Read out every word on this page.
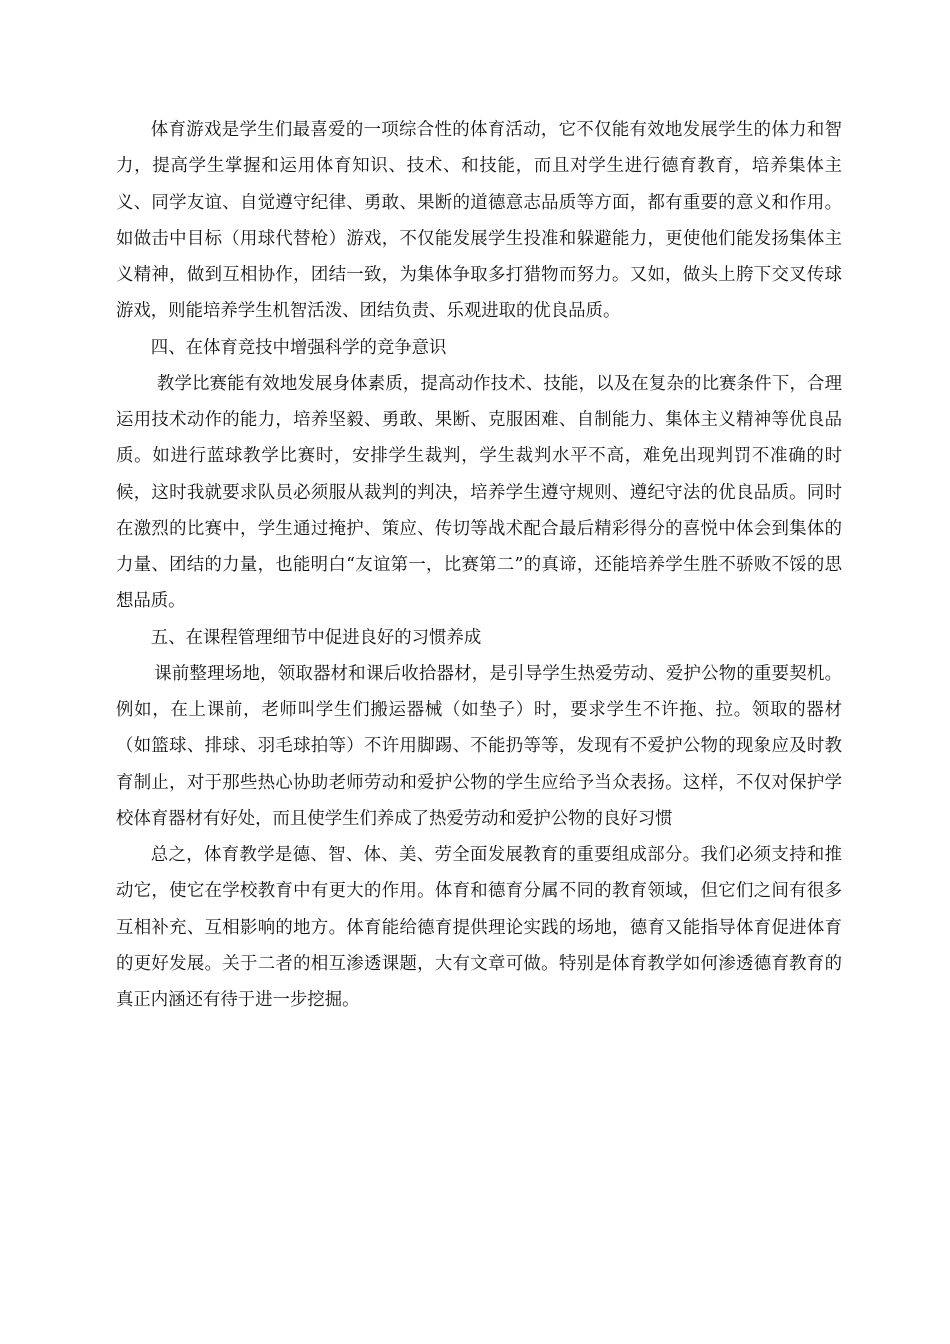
体育游戏是学生们最喜爱的一项综合性的体育活动，它不仅能有效地发展学生的体力和智力，提高学生掌握和运用体育知识、技术、和技能，而且对学生进行德育教育，培养集体主义、同学友谊、自觉遵守纪律、勇敢、果断的道德意志品质等方面，都有重要的意义和作用。如做击中目标（用球代替枪）游戏，不仅能发展学生投准和躲避能力，更使他们能发扬集体主义精神，做到互相协作，团结一致，为集体争取多打猎物而努力。又如，做头上胯下交叉传球游戏，则能培养学生机智活泼、团结负责、乐观进取的优良品质。

四、在体育竞技中增强科学的竞争意识

教学比赛能有效地发展身体素质，提高动作技术、技能，以及在复杂的比赛条件下，合理运用技术动作的能力，培养坚毅、勇敢、果断、克服困难、自制能力、集体主义精神等优良品质。如进行蓝球教学比赛时，安排学生裁判，学生裁判水平不高，难免出现判罚不准确的时候，这时我就要求队员必须服从裁判的判决，培养学生遵守规则、遵纪守法的优良品质。同时在激烈的比赛中，学生通过掩护、策应、传切等战术配合最后精彩得分的喜悦中体会到集体的力量、团结的力量，也能明白“友谊第一，比赛第二”的真谛，还能培养学生胜不骄败不馁的思想品质。

五、在课程管理细节中促进良好的习惯养成

课前整理场地，领取器材和课后收拾器材，是引导学生热爱劳动、爱护公物的重要契机。例如，在上课前，老师叫学生们搬运器械（如垫子）时，要求学生不许拖、拉。领取的器材（如篮球、排球、羽毛球拍等）不许用脚踢、不能扔等等，发现有不爱护公物的现象应及时教育制止，对于那些热心协助老师劳动和爱护公物的学生应给予当众表扬。这样，不仅对保护学校体育器材有好处，而且使学生们养成了热爱劳动和爱护公物的良好习惯

总之，体育教学是德、智、体、美、劳全面发展教育的重要组成部分。我们必须支持和推动它，使它在学校教育中有更大的作用。体育和德育分属不同的教育领域，但它们之间有很多互相补充、互相影响的地方。体育能给德育提供理论实践的场地，德育又能指导体育促进体育的更好发展。关于二者的相互渗透课题，大有文章可做。特别是体育教学如何渗透德育教育的真正内涵还有待于进一步挖掘。
